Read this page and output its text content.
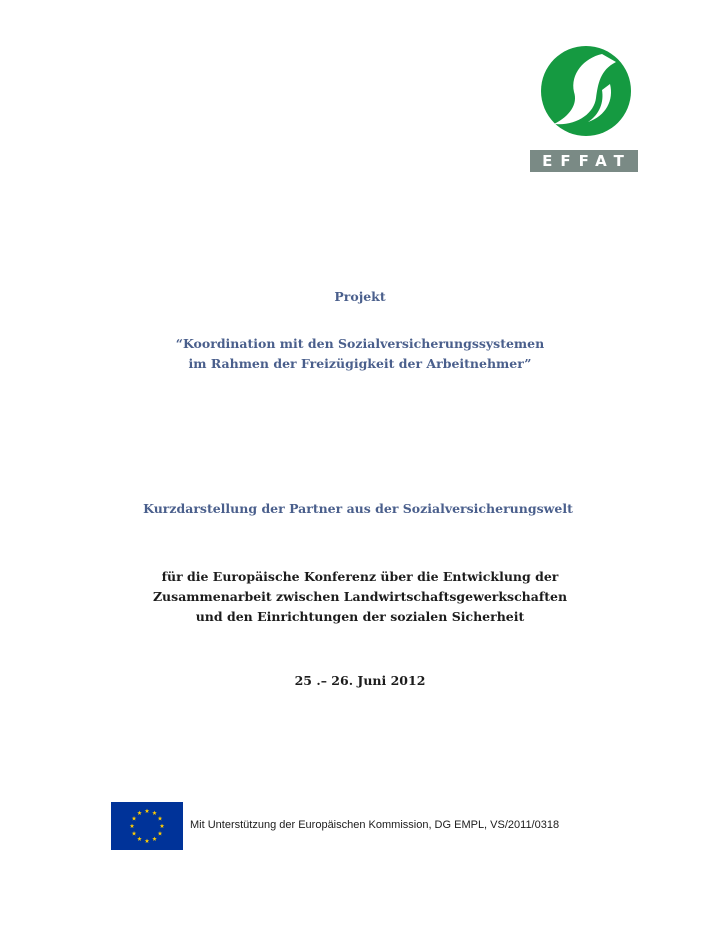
EFFAT
Projekt
“Koordination mit den Sozialversicherungssystemen
im Rahmen der Freizügigkeit der Arbeitnehmer”
Kurzdarstellung der Partner aus der Sozialversicherungswelt
für die Europäische Konferenz über die Entwicklung der
Zusammenarbeit zwischen Landwirtschaftsgewerkschaften
und den Einrichtungen der sozialen Sicherheit
25 .– 26. Juni 2012
Mit Unterstützung der Europäischen Kommission, DG EMPL, VS/2011/0318
